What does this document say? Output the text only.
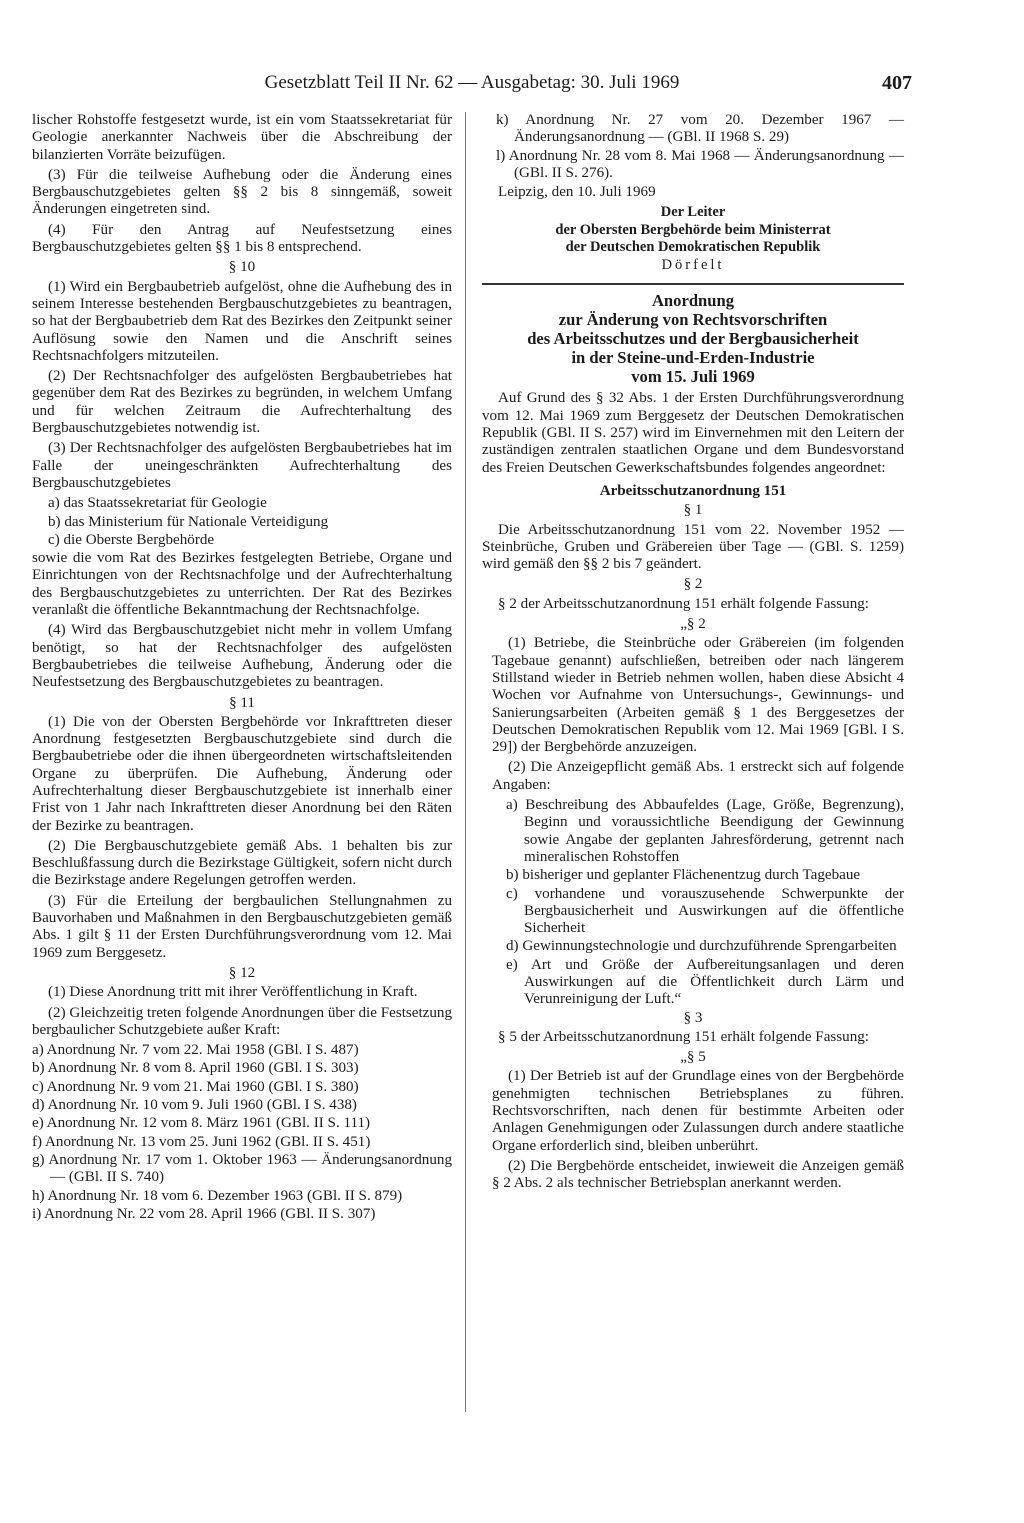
Gesetzblatt Teil II Nr. 62 — Ausgabetag: 30. Juli 1969	407

lischer Rohstoffe festgesetzt wurde, ist ein vom Staatssekretariat für Geologie anerkannter Nachweis über die Abschreibung der bilanzierten Vorräte beizufügen.

(3) Für die teilweise Aufhebung oder die Änderung eines Bergbauschutzgebietes gelten §§ 2 bis 8 sinngemäß, soweit Änderungen eingetreten sind.

(4) Für den Antrag auf Neufestsetzung eines Bergbauschutzgebietes gelten §§ 1 bis 8 entsprechend.

§ 10

(1) Wird ein Bergbaubetrieb aufgelöst, ohne die Aufhebung des in seinem Interesse bestehenden Bergbauschutzgebietes zu beantragen, so hat der Bergbaubetrieb dem Rat des Bezirkes den Zeitpunkt seiner Auflösung sowie den Namen und die Anschrift seines Rechtsnachfolgers mitzuteilen.

(2) Der Rechtsnachfolger des aufgelösten Bergbaubetriebes hat gegenüber dem Rat des Bezirkes zu begründen, in welchem Umfang und für welchen Zeitraum die Aufrechterhaltung des Bergbauschutzgebietes notwendig ist.

(3) Der Rechtsnachfolger des aufgelösten Bergbaubetriebes hat im Falle der uneingeschränkten Aufrechterhaltung des Bergbauschutzgebietes

a) das Staatssekretariat für Geologie

b) das Ministerium für Nationale Verteidigung

c) die Oberste Bergbehörde

sowie die vom Rat des Bezirkes festgelegten Betriebe, Organe und Einrichtungen von der Rechtsnachfolge und der Aufrechterhaltung des Bergbauschutzgebietes zu unterrichten. Der Rat des Bezirkes veranlaßt die öffentliche Bekanntmachung der Rechtsnachfolge.

(4) Wird das Bergbauschutzgebiet nicht mehr in vollem Umfang benötigt, so hat der Rechtsnachfolger des aufgelösten Bergbaubetriebes die teilweise Aufhebung, Änderung oder die Neufestsetzung des Bergbauschutzgebietes zu beantragen.

§ 11

(1) Die von der Obersten Bergbehörde vor Inkrafttreten dieser Anordnung festgesetzten Bergbauschutzgebiete sind durch die Bergbaubetriebe oder die ihnen übergeordneten wirtschaftsleitenden Organe zu überprüfen. Die Aufhebung, Änderung oder Aufrechterhaltung dieser Bergbauschutzgebiete ist innerhalb einer Frist von 1 Jahr nach Inkrafttreten dieser Anordnung bei den Räten der Bezirke zu beantragen.

(2) Die Bergbauschutzgebiete gemäß Abs. 1 behalten bis zur Beschlußfassung durch die Bezirkstage Gültigkeit, sofern nicht durch die Bezirkstage andere Regelungen getroffen werden.

(3) Für die Erteilung der bergbaulichen Stellungnahmen zu Bauvorhaben und Maßnahmen in den Bergbauschutzgebieten gemäß Abs. 1 gilt § 11 der Ersten Durchführungsverordnung vom 12. Mai 1969 zum Berggesetz.

§ 12

(1) Diese Anordnung tritt mit ihrer Veröffentlichung in Kraft.

(2) Gleichzeitig treten folgende Anordnungen über die Festsetzung bergbaulicher Schutzgebiete außer Kraft:

a) Anordnung Nr. 7 vom 22. Mai 1958 (GBl. I S. 487)

b) Anordnung Nr. 8 vom 8. April 1960 (GBl. I S. 303)

c) Anordnung Nr. 9 vom 21. Mai 1960 (GBl. I S. 380)

d) Anordnung Nr. 10 vom 9. Juli 1960 (GBl. I S. 438)

e) Anordnung Nr. 12 vom 8. März 1961 (GBl. II S. 111)

f) Anordnung Nr. 13 vom 25. Juni 1962 (GBl. II S. 451)

g) Anordnung Nr. 17 vom 1. Oktober 1963 — Änderungsanordnung — (GBl. II S. 740)

h) Anordnung Nr. 18 vom 6. Dezember 1963 (GBl. II S. 879)

i) Anordnung Nr. 22 vom 28. April 1966 (GBl. II S. 307)

k) Anordnung Nr. 27 vom 20. Dezember 1967 — Änderungsanordnung — (GBl. II 1968 S. 29)

l) Anordnung Nr. 28 vom 8. Mai 1968 — Änderungsanordnung — (GBl. II S. 276).

Leipzig, den 10. Juli 1969

Der Leiter

der Obersten Bergbehörde beim Ministerrat

der Deutschen Demokratischen Republik

Dörfelt

Anordnung

zur Änderung von Rechtsvorschriften

des Arbeitsschutzes und der Bergbausicherheit

in der Steine-und-Erden-Industrie

vom 15. Juli 1969

Auf Grund des § 32 Abs. 1 der Ersten Durchführungsverordnung vom 12. Mai 1969 zum Berggesetz der Deutschen Demokratischen Republik (GBl. II S. 257) wird im Einvernehmen mit den Leitern der zuständigen zentralen staatlichen Organe und dem Bundesvorstand des Freien Deutschen Gewerkschaftsbundes folgendes angeordnet:

Arbeitsschutzanordnung 151

§ 1

Die Arbeitsschutzanordnung 151 vom 22. November 1952 — Steinbrüche, Gruben und Gräbereien über Tage — (GBl. S. 1259) wird gemäß den §§ 2 bis 7 geändert.

§ 2

§ 2 der Arbeitsschutzanordnung 151 erhält folgende Fassung:

„§ 2

(1) Betriebe, die Steinbrüche oder Gräbereien (im folgenden Tagebaue genannt) aufschließen, betreiben oder nach längerem Stillstand wieder in Betrieb nehmen wollen, haben diese Absicht 4 Wochen vor Aufnahme von Untersuchungs-, Gewinnungs- und Sanierungsarbeiten (Arbeiten gemäß § 1 des Berggesetzes der Deutschen Demokratischen Republik vom 12. Mai 1969 [GBl. I S. 29]) der Bergbehörde anzuzeigen.

(2) Die Anzeigepflicht gemäß Abs. 1 erstreckt sich auf folgende Angaben:

a) Beschreibung des Abbaufeldes (Lage, Größe, Begrenzung), Beginn und voraussichtliche Beendigung der Gewinnung sowie Angabe der geplanten Jahresförderung, getrennt nach mineralischen Rohstoffen

b) bisheriger und geplanter Flächenentzug durch Tagebaue

c) vorhandene und vorauszusehende Schwerpunkte der Bergbausicherheit und Auswirkungen auf die öffentliche Sicherheit

d) Gewinnungstechnologie und durchzuführende Sprengarbeiten

e) Art und Größe der Aufbereitungsanlagen und deren Auswirkungen auf die Öffentlichkeit durch Lärm und Verunreinigung der Luft.“

§ 3

§ 5 der Arbeitsschutzanordnung 151 erhält folgende Fassung:

„§ 5

(1) Der Betrieb ist auf der Grundlage eines von der Bergbehörde genehmigten technischen Betriebsplanes zu führen. Rechtsvorschriften, nach denen für bestimmte Arbeiten oder Anlagen Genehmigungen oder Zulassungen durch andere staatliche Organe erforderlich sind, bleiben unberührt.

(2) Die Bergbehörde entscheidet, inwieweit die Anzeigen gemäß § 2 Abs. 2 als technischer Betriebsplan anerkannt werden.
